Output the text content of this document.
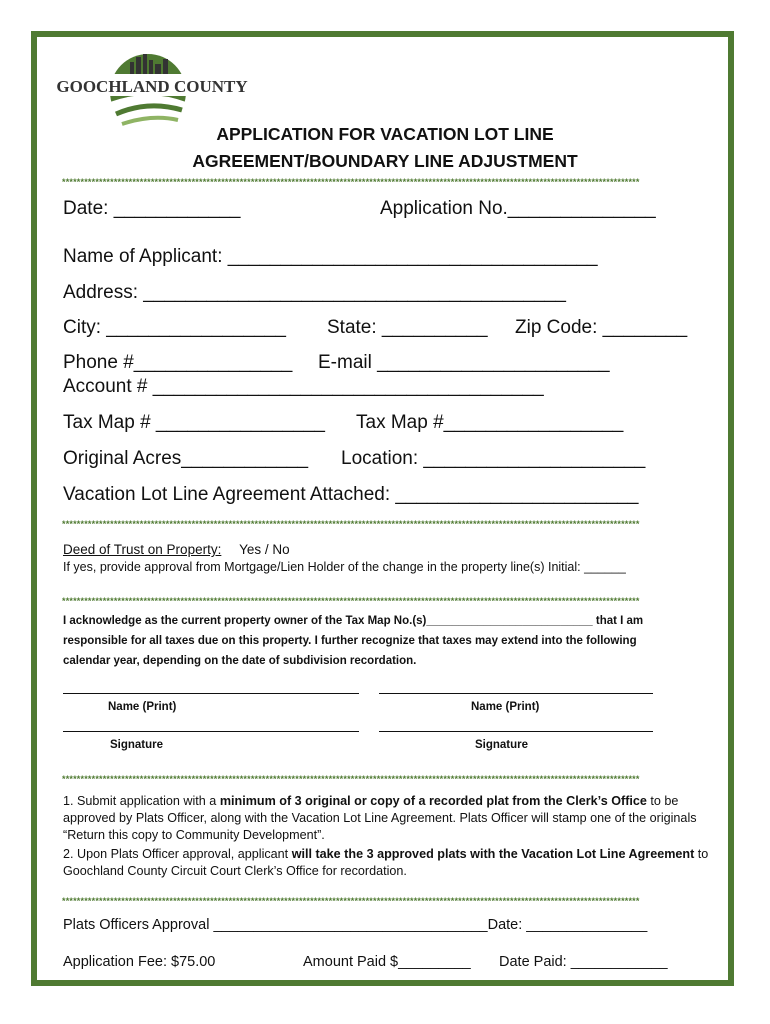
GOOCHLAND COUNTY
APPLICATION FOR VACATION LOT LINE
AGREEMENT/BOUNDARY LINE ADJUSTMENT
************************************************************************************************************************************************************
Date: ____________	Application No.______________
Name of Applicant: ___________________________________
Address: ________________________________________
City: _________________ State: __________ Zip Code: ________
Phone #_______________ E-mail ______________________
Account # _____________________________________
Tax Map # ________________ Tax Map #_________________
Original Acres____________ Location: _____________________
Vacation Lot Line Agreement Attached: _______________________
************************************************************************************************************************************************************
Deed of Trust on Property: Yes / No
If yes, provide approval from Mortgage/Lien Holder of the change in the property line(s) Initial: ______
************************************************************************************************************************************************************
I acknowledge as the current property owner of the Tax Map No.(s)__________________________ that I am
responsible for all taxes due on this property. I further recognize that taxes may extend into the following
calendar year, depending on the date of subdivision recordation.
Name (Print)	Name (Print)
Signature	Signature
************************************************************************************************************************************************************
1. Submit application with a minimum of 3 original or copy of a recorded plat from the Clerk’s Office to be approved by Plats Officer, along with the Vacation Lot Line Agreement. Plats Officer will stamp one of the originals “Return this copy to Community Development”.
2. Upon Plats Officer approval, applicant will take the 3 approved plats with the Vacation Lot Line Agreement to Goochland County Circuit Court Clerk’s Office for recordation.
************************************************************************************************************************************************************
Plats Officers Approval __________________________________Date: _______________
Application Fee: $75.00	Amount Paid $_________ Date Paid: ____________
